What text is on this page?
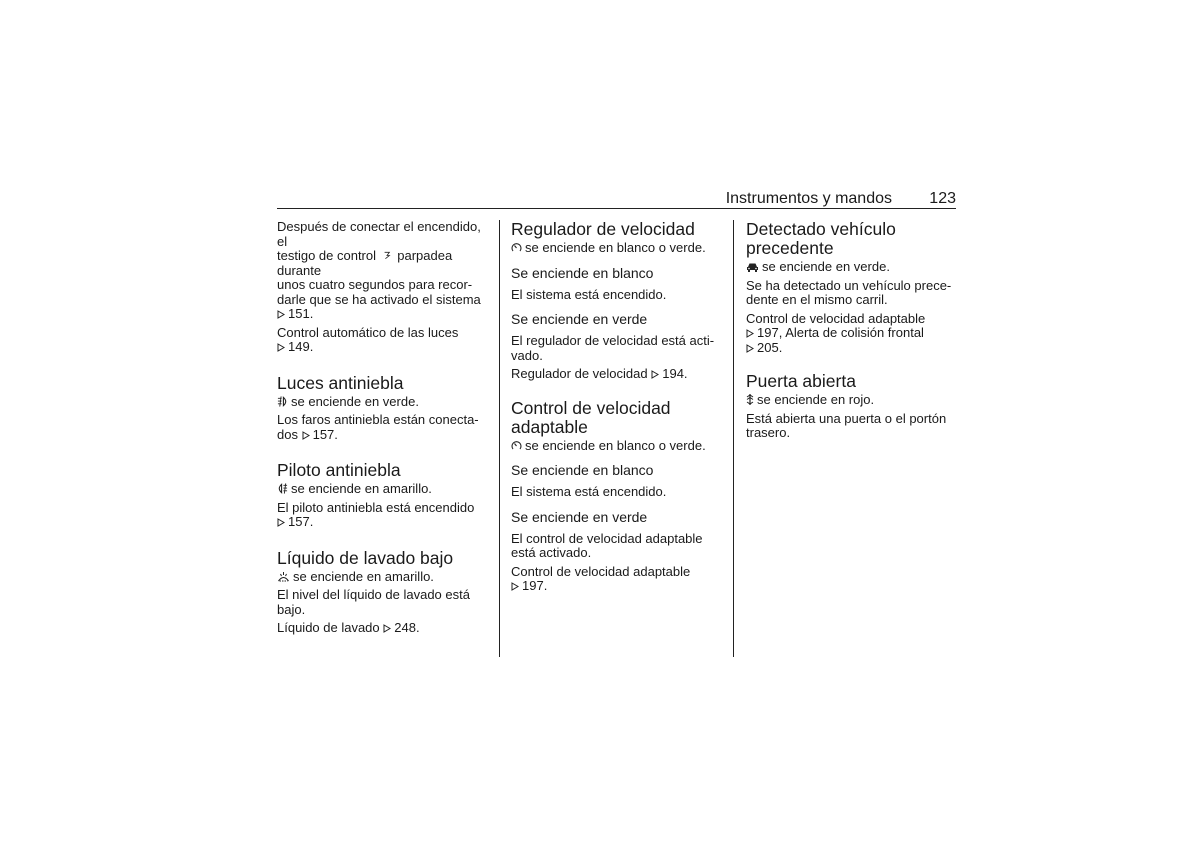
Instrumentos y mandos 123

Después de conectar el encendido, el
testigo de control parpadea durante
unos cuatro segundos para recor-
darle que se ha activado el sistema
151.

Control automático de las luces
149.

Luces antiniebla

se enciende en verde.

Los faros antiniebla están conecta-
dos 157.

Piloto antiniebla

se enciende en amarillo.

El piloto antiniebla está encendido
157.

Líquido de lavado bajo

se enciende en amarillo.

El nivel del líquido de lavado está
bajo.

Líquido de lavado 248.

Regulador de velocidad

se enciende en blanco o verde.

Se enciende en blanco

El sistema está encendido.

Se enciende en verde

El regulador de velocidad está acti-
vado.

Regulador de velocidad 194.

Control de velocidad
adaptable

se enciende en blanco o verde.

Se enciende en blanco

El sistema está encendido.

Se enciende en verde

El control de velocidad adaptable
está activado.

Control de velocidad adaptable
197.

Detectado vehículo
precedente

se enciende en verde.

Se ha detectado un vehículo prece-
dente en el mismo carril.

Control de velocidad adaptable
197, Alerta de colisión frontal
205.

Puerta abierta

se enciende en rojo.

Está abierta una puerta o el portón
trasero.
